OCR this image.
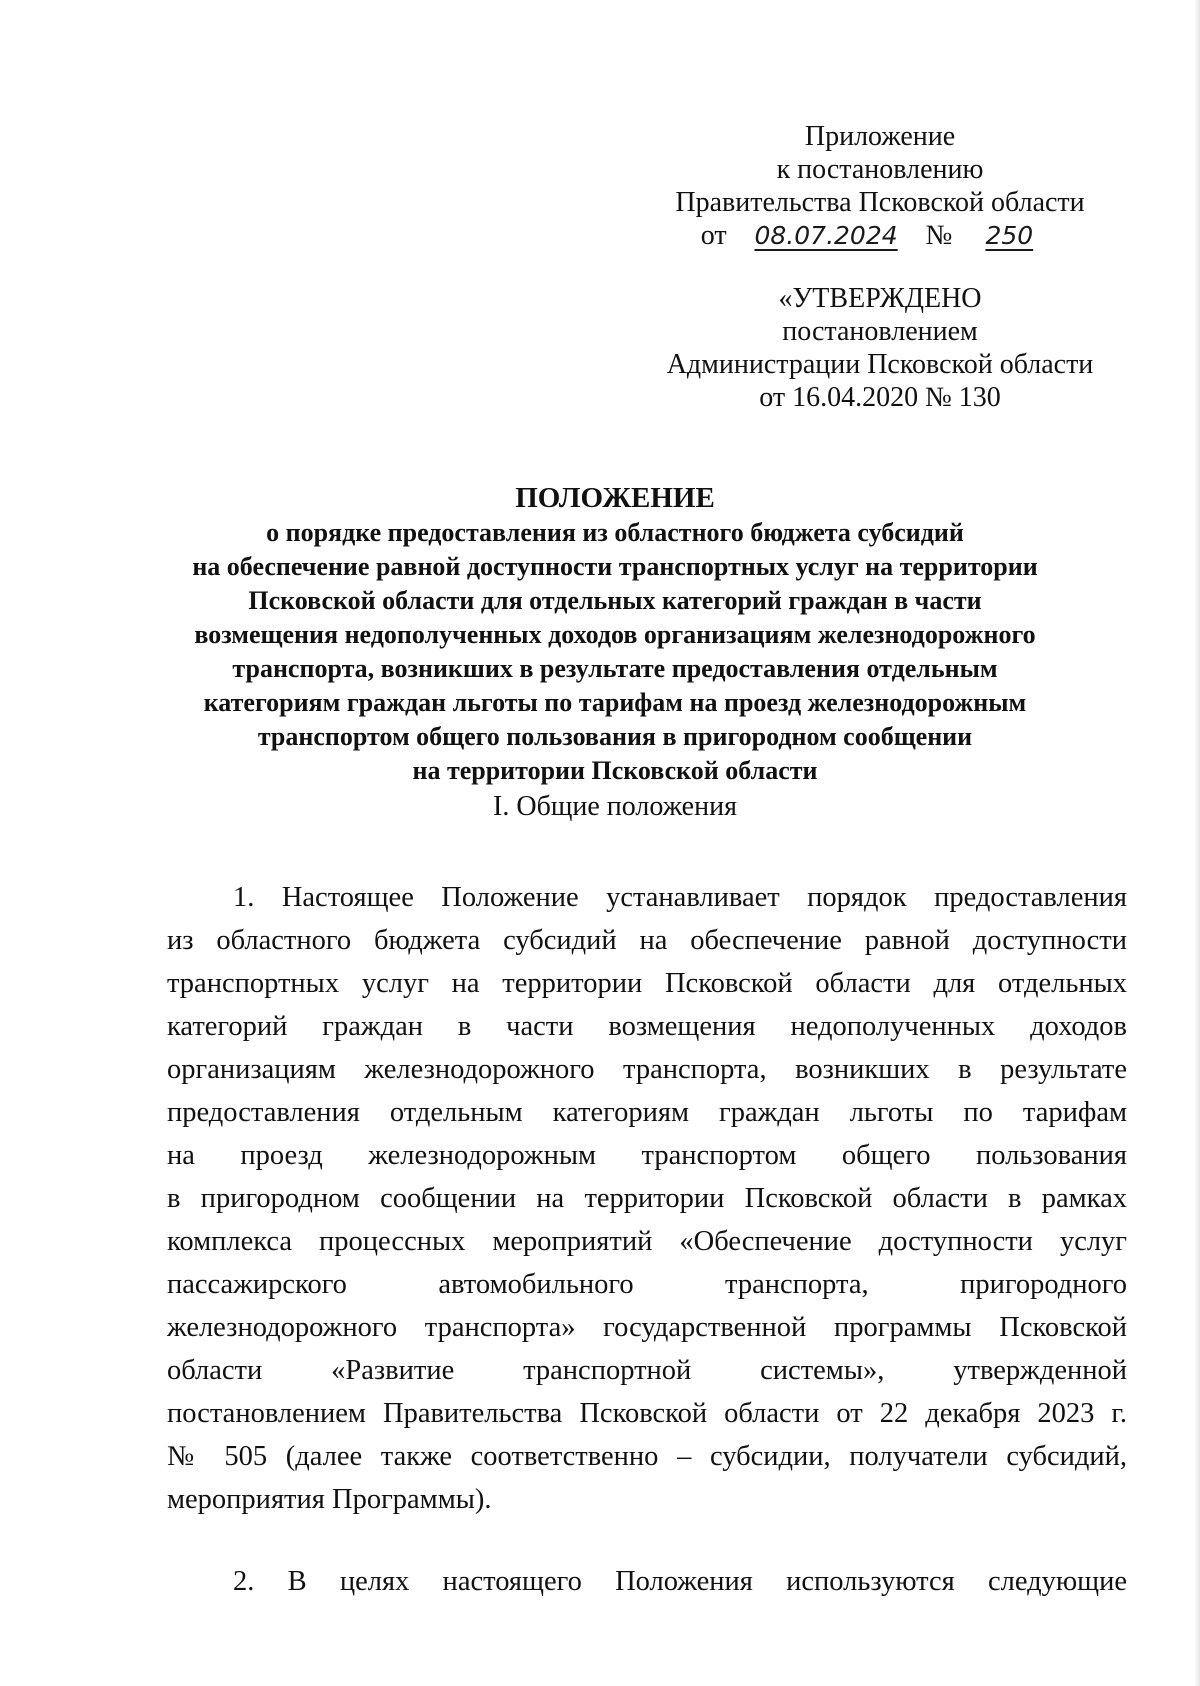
Приложение
к постановлению
Правительства Псковской области
от 08.07.2024 № 250
«УТВЕРЖДЕНО
постановлением
Администрации Псковской области
от 16.04.2020 № 130
ПОЛОЖЕНИЕ
о порядке предоставления из областного бюджета субсидий
на обеспечение равной доступности транспортных услуг на территории
Псковской области для отдельных категорий граждан в части
возмещения недополученных доходов организациям железнодорожного
транспорта, возникших в результате предоставления отдельным
категориям граждан льготы по тарифам на проезд железнодорожным
транспортом общего пользования в пригородном сообщении
на территории Псковской области
I. Общие положения
1. Настоящее Положение устанавливает порядок предоставления
из областного бюджета субсидий на обеспечение равной доступности
транспортных услуг на территории Псковской области для отдельных
категорий граждан в части возмещения недополученных доходов
организациям железнодорожного транспорта, возникших в результате
предоставления отдельным категориям граждан льготы по тарифам
на проезд железнодорожным транспортом общего пользования
в пригородном сообщении на территории Псковской области в рамках
комплекса процессных мероприятий «Обеспечение доступности услуг
пассажирского автомобильного транспорта, пригородного
железнодорожного транспорта» государственной программы Псковской
области «Развитие транспортной системы», утвержденной
постановлением Правительства Псковской области от 22 декабря 2023 г.
№ 505 (далее также соответственно – субсидии, получатели субсидий,
мероприятия Программы).
2. В целях настоящего Положения используются следующие
